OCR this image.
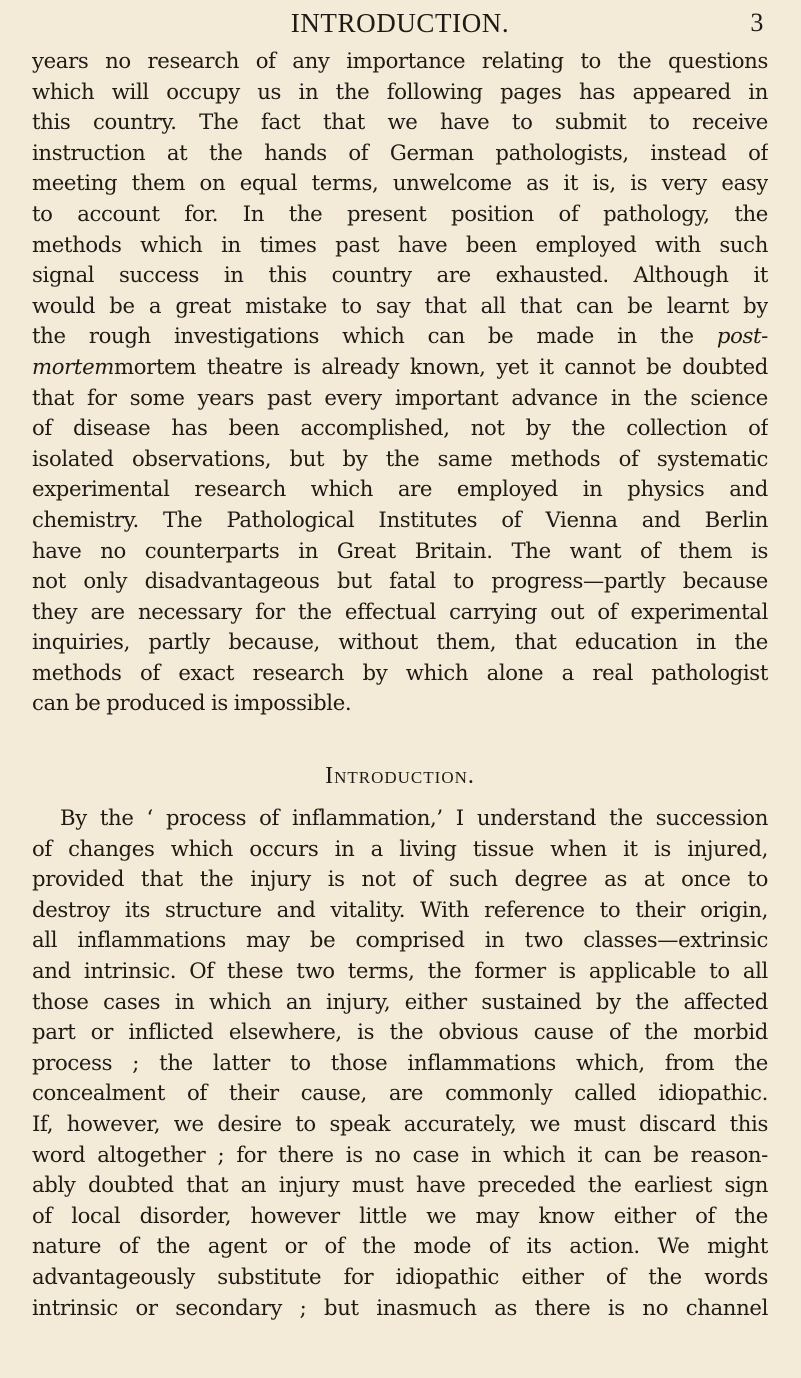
INTRODUCTION.	3
years no research of any importance relating to the questions
which will occupy us in the following pages has appeared in
this country. The fact that we have to submit to receive
instruction at the hands of German pathologists, instead of
meeting them on equal terms, unwelcome as it is, is very easy
to account for. In the present position of pathology, the
methods which in times past have been employed with such
signal success in this country are exhausted. Although it
would be a great mistake to say that all that can be learnt by
the rough investigations which can be made in the post-
mortemmortem theatre is already known, yet it cannot be doubted
that for some years past every important advance in the science
of disease has been accomplished, not by the collection of
isolated observations, but by the same methods of systematic
experimental research which are employed in physics and
chemistry. The Pathological Institutes of Vienna and Berlin
have no counterparts in Great Britain. The want of them is
not only disadvantageous but fatal to progress—partly because
they are necessary for the effectual carrying out of experimental
inquiries, partly because, without them, that education in the
methods of exact research by which alone a real pathologist
can be produced is impossible.
Introduction.
By the ‘ process of inflammation,’ I understand the succession
of changes which occurs in a living tissue when it is injured,
provided that the injury is not of such degree as at once to
destroy its structure and vitality. With reference to their origin,
all inflammations may be comprised in two classes—extrinsic
and intrinsic. Of these two terms, the former is applicable to all
those cases in which an injury, either sustained by the affected
part or inflicted elsewhere, is the obvious cause of the morbid
process ; the latter to those inflammations which, from the
concealment of their cause, are commonly called idiopathic.
If, however, we desire to speak accurately, we must discard this
word altogether ; for there is no case in which it can be reason-
ably doubted that an injury must have preceded the earliest sign
of local disorder, however little we may know either of the
nature of the agent or of the mode of its action. We might
advantageously substitute for idiopathic either of the words
intrinsic or secondary ; but inasmuch as there is no channel
